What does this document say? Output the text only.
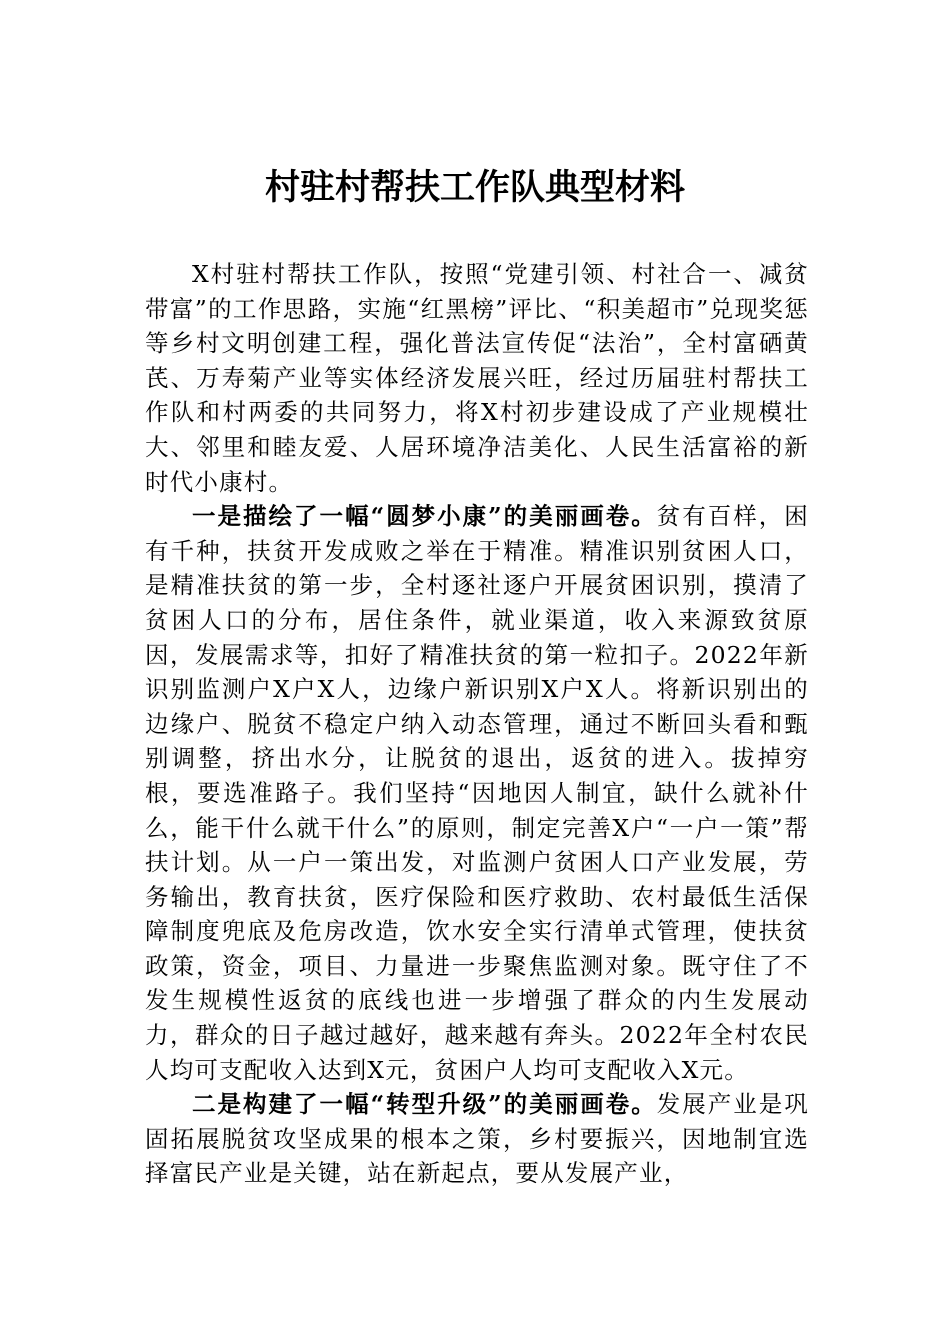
村驻村帮扶工作队典型材料

X村驻村帮扶工作队，按照“党建引领、村社合一、减贫带富”的工作思路，实施“红黑榜”评比、“积美超市”兑现奖惩等乡村文明创建工程，强化普法宣传促“法治”，全村富硒黄芪、万寿菊产业等实体经济发展兴旺，经过历届驻村帮扶工作队和村两委的共同努力，将X村初步建设成了产业规模壮大、邻里和睦友爱、人居环境净洁美化、人民生活富裕的新时代小康村。

一是描绘了一幅“圆梦小康”的美丽画卷。贫有百样，困有千种，扶贫开发成败之举在于精准。精准识别贫困人口，是精准扶贫的第一步，全村逐社逐户开展贫困识别，摸清了贫困人口的分布，居住条件，就业渠道，收入来源致贫原因，发展需求等，扣好了精准扶贫的第一粒扣子。2022年新识别监测户X户X人，边缘户新识别X户X人。将新识别出的边缘户、脱贫不稳定户纳入动态管理，通过不断回头看和甄别调整，挤出水分，让脱贫的退出，返贫的进入。拔掉穷根，要选准路子。我们坚持“因地因人制宜，缺什么就补什么，能干什么就干什么”的原则，制定完善X户“一户一策”帮扶计划。从一户一策出发，对监测户贫困人口产业发展，劳务输出，教育扶贫，医疗保险和医疗救助、农村最低生活保障制度兜底及危房改造，饮水安全实行清单式管理，使扶贫政策，资金，项目、力量进一步聚焦监测对象。既守住了不发生规模性返贫的底线也进一步增强了群众的内生发展动力，群众的日子越过越好，越来越有奔头。2022年全村农民人均可支配收入达到X元，贫困户人均可支配收入X元。

二是构建了一幅“转型升级”的美丽画卷。发展产业是巩固拓展脱贫攻坚成果的根本之策，乡村要振兴，因地制宜选择富民产业是关键，站在新起点，要从发展产业，
